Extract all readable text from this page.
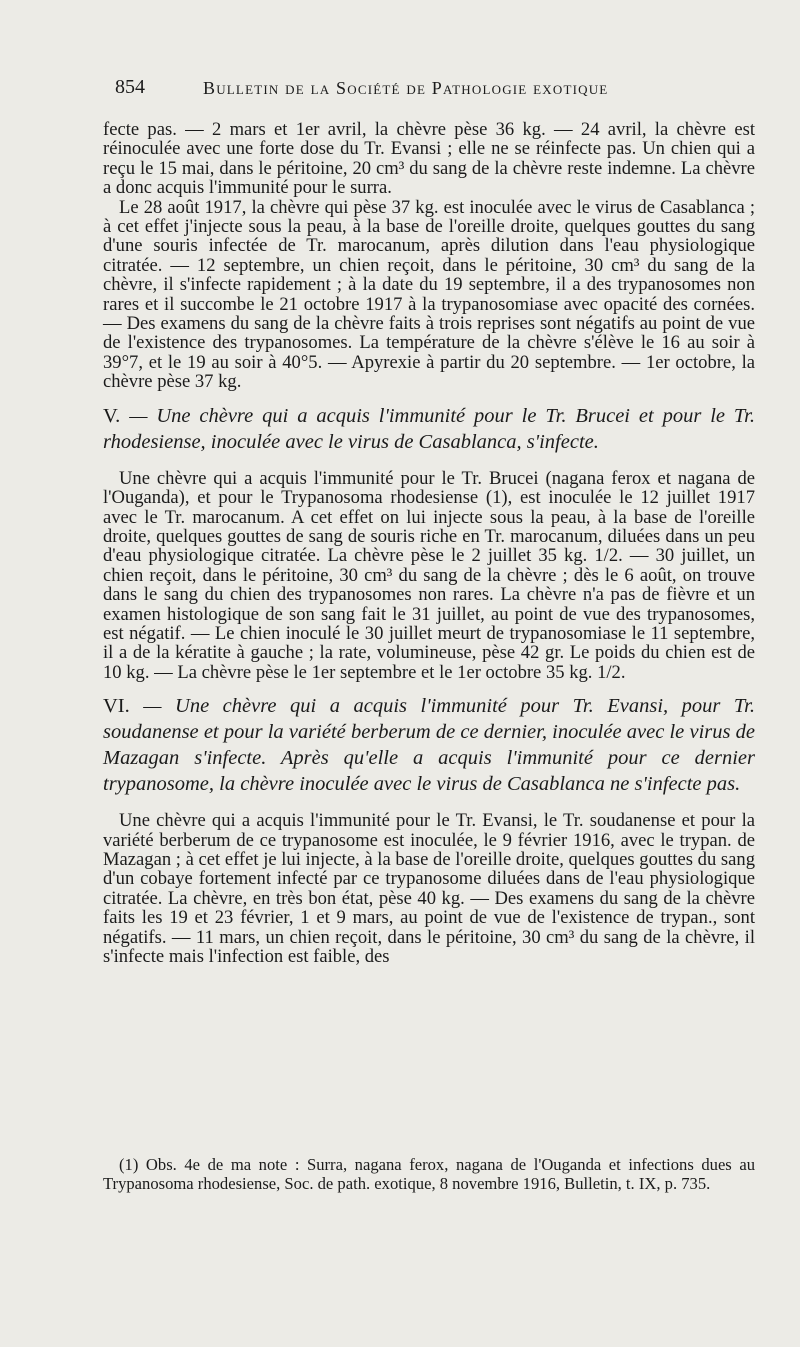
854	Bulletin de la Société de Pathologie exotique

fecte pas. — 2 mars et 1er avril, la chèvre pèse 36 kg. — 24 avril, la chèvre est réinoculée avec une forte dose du Tr. Evansi ; elle ne se réinfecte pas. Un chien qui a reçu le 15 mai, dans le péritoine, 20 cm³ du sang de la chèvre reste indemne. La chèvre a donc acquis l'immunité pour le surra.

Le 28 août 1917, la chèvre qui pèse 37 kg. est inoculée avec le virus de Casablanca ; à cet effet j'injecte sous la peau, à la base de l'oreille droite, quelques gouttes du sang d'une souris infectée de Tr. marocanum, après dilution dans l'eau physiologique citratée. — 12 septembre, un chien reçoit, dans le péritoine, 30 cm³ du sang de la chèvre, il s'infecte rapidement ; à la date du 19 septembre, il a des trypanosomes non rares et il succombe le 21 octobre 1917 à la trypanosomiase avec opacité des cornées. — Des examens du sang de la chèvre faits à trois reprises sont négatifs au point de vue de l'existence des trypanosomes. La température de la chèvre s'élève le 16 au soir à 39°7, et le 19 au soir à 40°5. — Apyrexie à partir du 20 septembre. — 1er octobre, la chèvre pèse 37 kg.

V. — Une chèvre qui a acquis l'immunité pour le Tr. Brucei et pour le Tr. rhodesiense, inoculée avec le virus de Casablanca, s'infecte.

Une chèvre qui a acquis l'immunité pour le Tr. Brucei (nagana ferox et nagana de l'Ouganda), et pour le Trypanosoma rhodesiense (1), est inoculée le 12 juillet 1917 avec le Tr. marocanum. A cet effet on lui injecte sous la peau, à la base de l'oreille droite, quelques gouttes de sang de souris riche en Tr. marocanum, diluées dans un peu d'eau physiologique citratée. La chèvre pèse le 2 juillet 35 kg. 1/2. — 30 juillet, un chien reçoit, dans le péritoine, 30 cm³ du sang de la chèvre ; dès le 6 août, on trouve dans le sang du chien des trypanosomes non rares. La chèvre n'a pas de fièvre et un examen histologique de son sang fait le 31 juillet, au point de vue des trypanosomes, est négatif. — Le chien inoculé le 30 juillet meurt de trypanosomiase le 11 septembre, il a de la kératite à gauche ; la rate, volumineuse, pèse 42 gr. Le poids du chien est de 10 kg. — La chèvre pèse le 1er septembre et le 1er octobre 35 kg. 1/2.

VI. — Une chèvre qui a acquis l'immunité pour Tr. Evansi, pour Tr. soudanense et pour la variété berberum de ce dernier, inoculée avec le virus de Mazagan s'infecte. Après qu'elle a acquis l'immunité pour ce dernier trypanosome, la chèvre inoculée avec le virus de Casablanca ne s'infecte pas.

Une chèvre qui a acquis l'immunité pour le Tr. Evansi, le Tr. soudanense et pour la variété berberum de ce trypanosome est inoculée, le 9 février 1916, avec le trypan. de Mazagan ; à cet effet je lui injecte, à la base de l'oreille droite, quelques gouttes du sang d'un cobaye fortement infecté par ce trypanosome diluées dans de l'eau physiologique citratée. La chèvre, en très bon état, pèse 40 kg. — Des examens du sang de la chèvre faits les 19 et 23 février, 1 et 9 mars, au point de vue de l'existence de trypan., sont négatifs. — 11 mars, un chien reçoit, dans le péritoine, 30 cm³ du sang de la chèvre, il s'infecte mais l'infection est faible, des

(1) Obs. 4e de ma note : Surra, nagana ferox, nagana de l'Ouganda et infections dues au Trypanosoma rhodesiense, Soc. de path. exotique, 8 novembre 1916, Bulletin, t. IX, p. 735.
